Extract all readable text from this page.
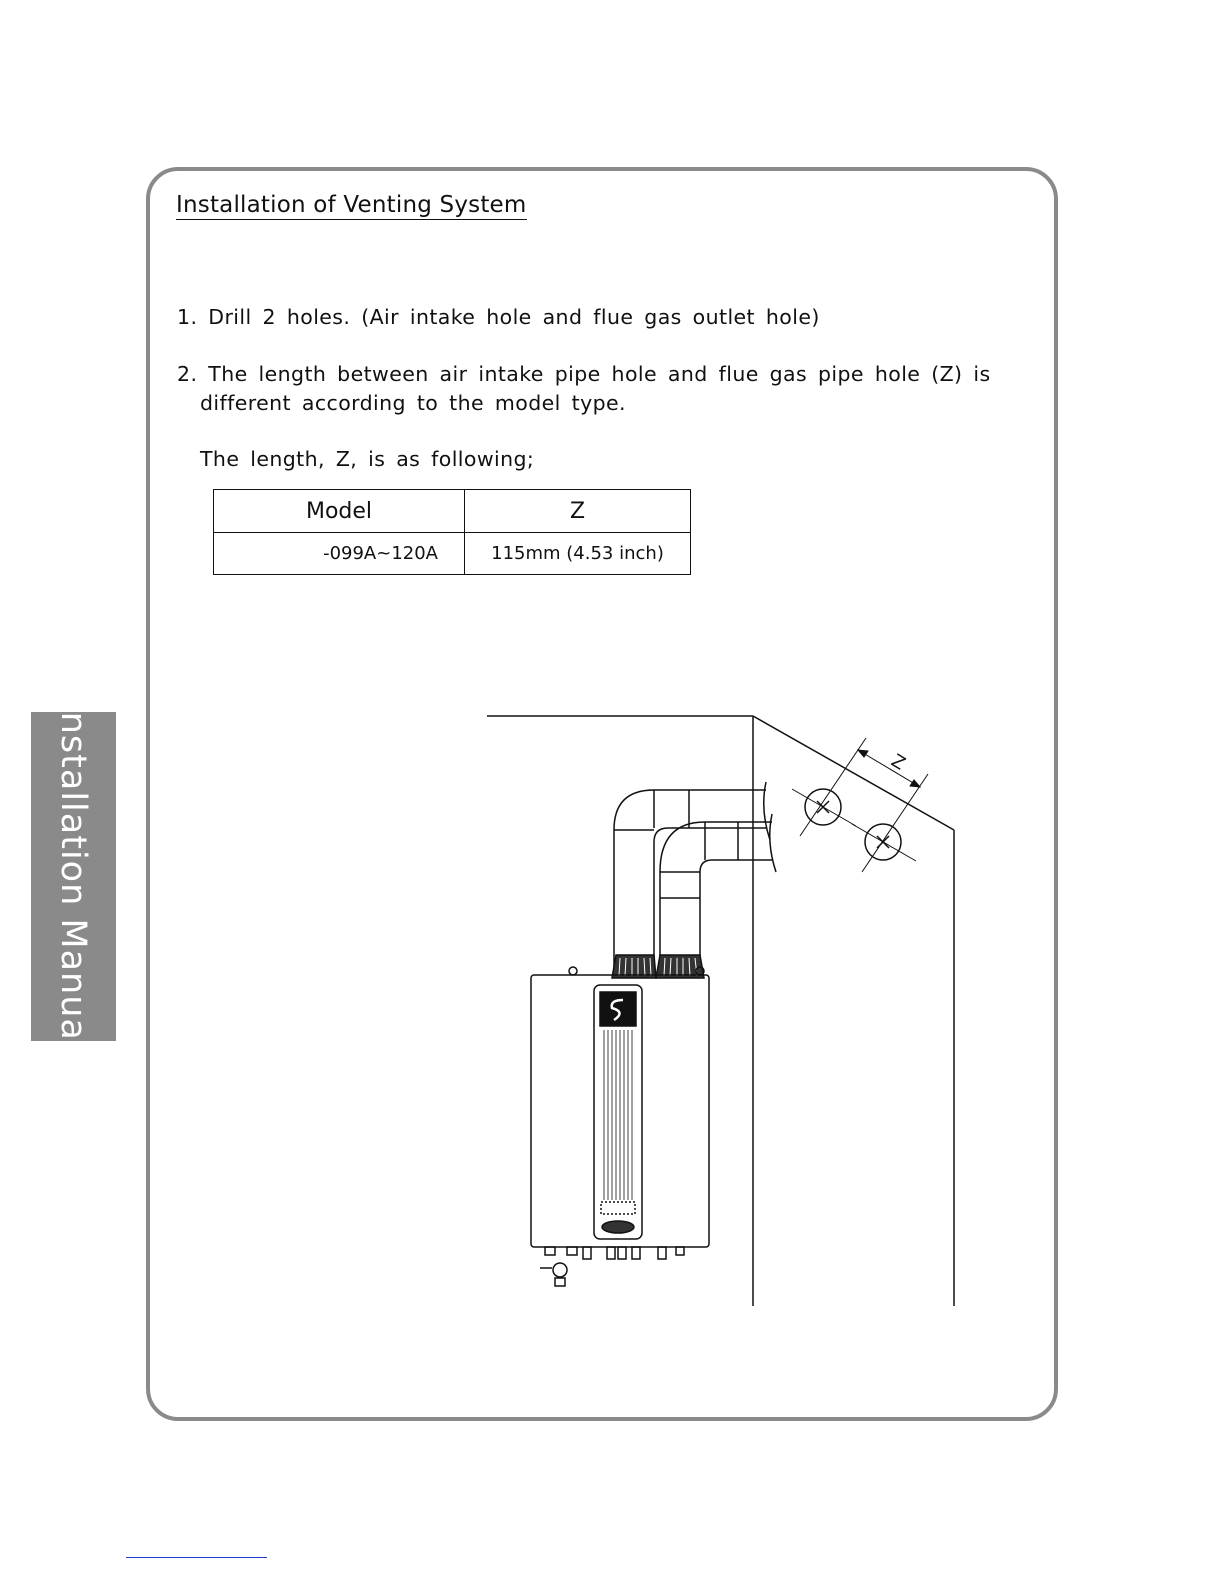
Installation of Venting System
1. Drill 2 holes. (Air intake hole and flue gas outlet hole)
2. The length between air intake pipe hole and flue gas pipe hole (Z) is
different according to the model type.
The length, Z, is as following;
Model	Z
-099A~120A	115mm (4.53 inch)
Installation Manual	Z
